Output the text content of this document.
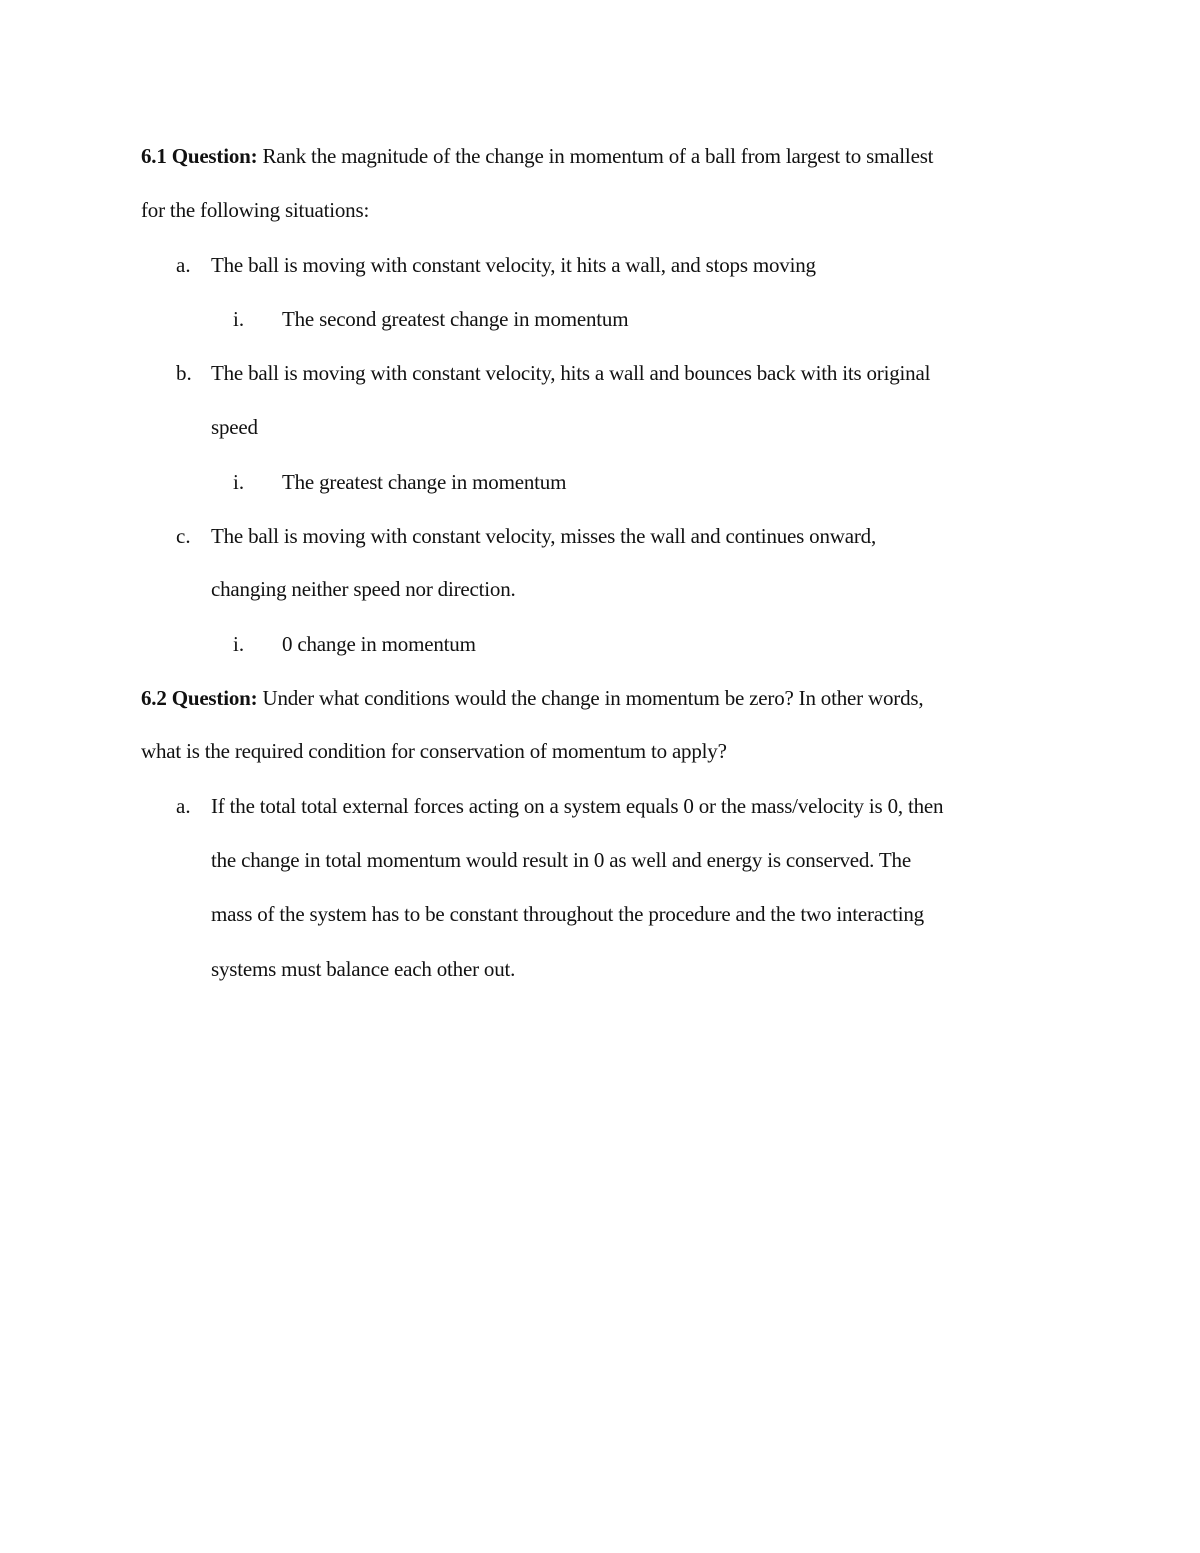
6.1 Question: Rank the magnitude of the change in momentum of a ball from largest to smallest
for the following situations:
a. The ball is moving with constant velocity, it hits a wall, and stops moving
i. The second greatest change in momentum
b. The ball is moving with constant velocity, hits a wall and bounces back with its original
speed
i. The greatest change in momentum
c. The ball is moving with constant velocity, misses the wall and continues onward,
changing neither speed nor direction.
i. 0 change in momentum
6.2 Question: Under what conditions would the change in momentum be zero? In other words,
what is the required condition for conservation of momentum to apply?
a. If the total total external forces acting on a system equals 0 or the mass/velocity is 0, then
the change in total momentum would result in 0 as well and energy is conserved. The
mass of the system has to be constant throughout the procedure and the two interacting
systems must balance each other out.
